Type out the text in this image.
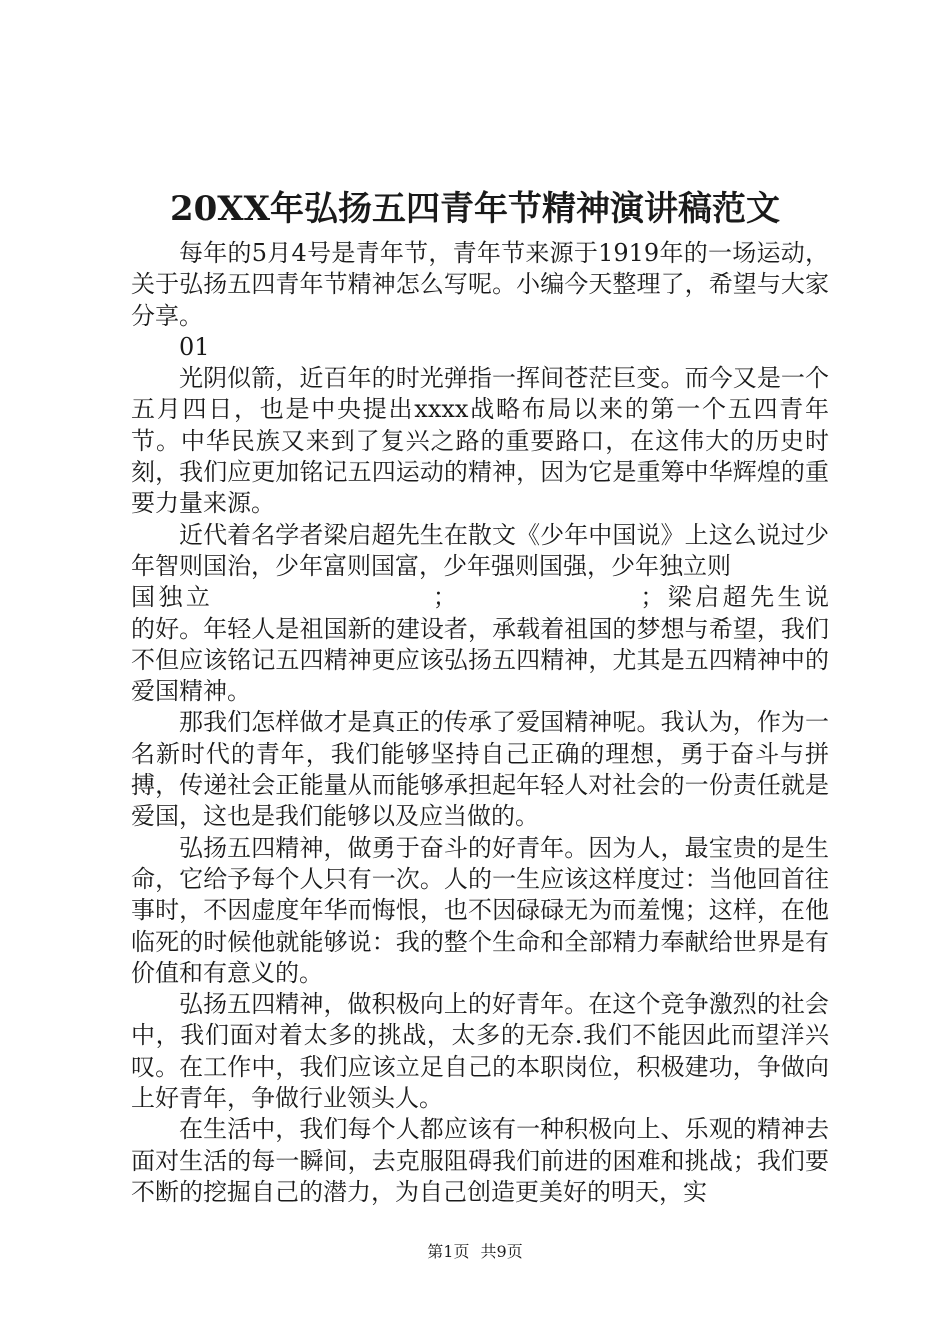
20XX年弘扬五四青年节精神演讲稿范文

每年的5月4号是青年节，青年节来源于1919年的一场运动，关于弘扬五四青年节精神怎么写呢。小编今天整理了，希望与大家分享。

01

光阴似箭，近百年的时光弹指一挥间苍茫巨变。而今又是一个五月四日，也是中央提出xxxx战略布局以来的第一个五四青年节。中华民族又来到了复兴之路的重要路口，在这伟大的历史时刻，我们应更加铭记五四运动的精神，因为它是重筹中华辉煌的重要力量来源。

近代着名学者梁启超先生在散文《少年中国说》上这么说过少年智则国治，少年富则国富，少年强则国强，少年独立则

国独立　　　　　　　　；　　　　　　　；梁启超先生说

的好。年轻人是祖国新的建设者，承载着祖国的梦想与希望，我们不但应该铭记五四精神更应该弘扬五四精神，尤其是五四精神中的爱国精神。

那我们怎样做才是真正的传承了爱国精神呢。我认为，作为一名新时代的青年，我们能够坚持自己正确的理想，勇于奋斗与拼搏，传递社会正能量从而能够承担起年轻人对社会的一份责任就是爱国，这也是我们能够以及应当做的。

弘扬五四精神，做勇于奋斗的好青年。因为人，最宝贵的是生命，它给予每个人只有一次。人的一生应该这样度过：当他回首往事时，不因虚度年华而悔恨，也不因碌碌无为而羞愧；这样，在他临死的时候他就能够说：我的整个生命和全部精力奉献给世界是有价值和有意义的。

弘扬五四精神，做积极向上的好青年。在这个竞争激烈的社会中，我们面对着太多的挑战，太多的无奈.我们不能因此而望洋兴叹。在工作中，我们应该立足自己的本职岗位，积极建功，争做向上好青年，争做行业领头人。

在生活中，我们每个人都应该有一种积极向上、乐观的精神去面对生活的每一瞬间，去克服阻碍我们前进的困难和挑战；我们要不断的挖掘自己的潜力，为自己创造更美好的明天，实

第1页 共9页
